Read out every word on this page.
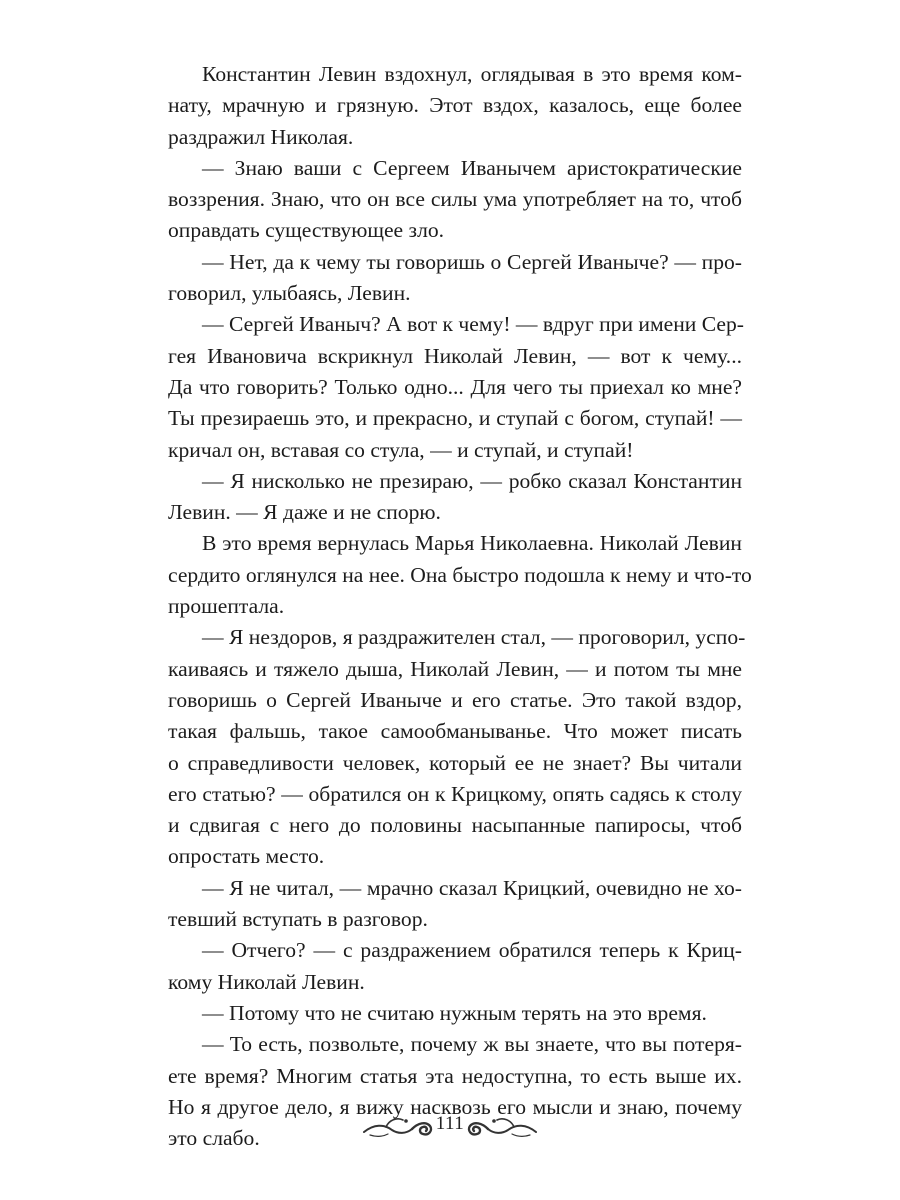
Константин Левин вздохнул, оглядывая в это время ком-
нату, мрачную и грязную. Этот вздох, казалось, еще более
раздражил Николая.
— Знаю ваши с Сергеем Иванычем аристократические
воззрения. Знаю, что он все силы ума употребляет на то, чтоб
оправдать существующее зло.
— Нет, да к чему ты говоришь о Сергей Иваныче? — про-
говорил, улыбаясь, Левин.
— Сергей Иваныч? А вот к чему! — вдруг при имени Сер-
гея Ивановича вскрикнул Николай Левин, — вот к чему...
Да что говорить? Только одно... Для чего ты приехал ко мне?
Ты презираешь это, и прекрасно, и ступай с богом, ступай! —
кричал он, вставая со стула, — и ступай, и ступай!
— Я нисколько не презираю, — робко сказал Константин
Левин. — Я даже и не спорю.
В это время вернулась Марья Николаевна. Николай Левин
сердито оглянулся на нее. Она быстро подошла к нему и что-то
прошептала.
— Я нездоров, я раздражителен стал, — проговорил, успо-
каиваясь и тяжело дыша, Николай Левин, — и потом ты мне
говоришь о Сергей Иваныче и его статье. Это такой вздор,
такая фальшь, такое самообманыванье. Что может писать
о справедливости человек, который ее не знает? Вы читали
его статью? — обратился он к Крицкому, опять садясь к столу
и сдвигая с него до половины насыпанные папиросы, чтоб
опростать место.
— Я не читал, — мрачно сказал Крицкий, очевидно не хо-
тевший вступать в разговор.
— Отчего? — с раздражением обратился теперь к Криц-
кому Николай Левин.
— Потому что не считаю нужным терять на это время.
— То есть, позвольте, почему ж вы знаете, что вы потеря-
ете время? Многим статья эта недоступна, то есть выше их.
Но я другое дело, я вижу насквозь его мысли и знаю, почему
это слабо.
111
